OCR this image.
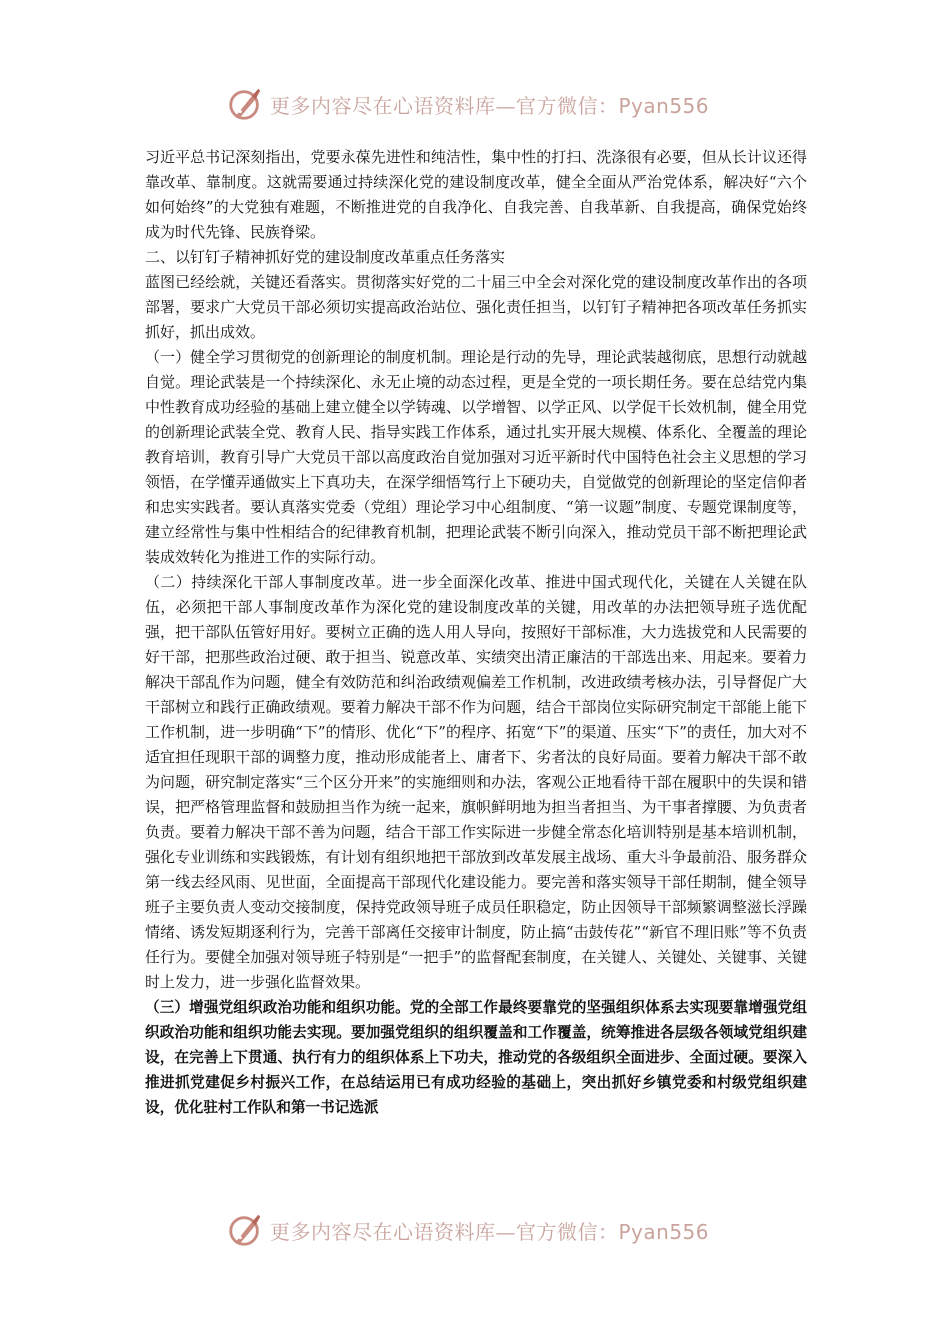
更多内容尽在心语资料库—官方微信：Pyan556

习近平总书记深刻指出，党要永葆先进性和纯洁性，集中性的打扫、洗涤很有必要，但从长计议还得靠改革、靠制度。这就需要通过持续深化党的建设制度改革，健全全面从严治党体系，解决好“六个如何始终”的大党独有难题，不断推进党的自我净化、自我完善、自我革新、自我提高，确保党始终成为时代先锋、民族脊梁。

二、以钉钉子精神抓好党的建设制度改革重点任务落实

蓝图已经绘就，关键还看落实。贯彻落实好党的二十届三中全会对深化党的建设制度改革作出的各项部署，要求广大党员干部必须切实提高政治站位、强化责任担当，以钉钉子精神把各项改革任务抓实抓好，抓出成效。

（一）健全学习贯彻党的创新理论的制度机制。理论是行动的先导，理论武装越彻底，思想行动就越自觉。理论武装是一个持续深化、永无止境的动态过程，更是全党的一项长期任务。要在总结党内集中性教育成功经验的基础上建立健全以学铸魂、以学增智、以学正风、以学促干长效机制，健全用党的创新理论武装全党、教育人民、指导实践工作体系，通过扎实开展大规模、体系化、全覆盖的理论教育培训，教育引导广大党员干部以高度政治自觉加强对习近平新时代中国特色社会主义思想的学习领悟，在学懂弄通做实上下真功夫，在深学细悟笃行上下硬功夫，自觉做党的创新理论的坚定信仰者和忠实实践者。要认真落实党委（党组）理论学习中心组制度、“第一议题”制度、专题党课制度等，建立经常性与集中性相结合的纪律教育机制，把理论武装不断引向深入，推动党员干部不断把理论武装成效转化为推进工作的实际行动。

（二）持续深化干部人事制度改革。进一步全面深化改革、推进中国式现代化，关键在人关键在队伍，必须把干部人事制度改革作为深化党的建设制度改革的关键，用改革的办法把领导班子选优配强，把干部队伍管好用好。要树立正确的选人用人导向，按照好干部标准，大力选拔党和人民需要的好干部，把那些政治过硬、敢于担当、锐意改革、实绩突出清正廉洁的干部选出来、用起来。要着力解决干部乱作为问题，健全有效防范和纠治政绩观偏差工作机制，改进政绩考核办法，引导督促广大干部树立和践行正确政绩观。要着力解决干部不作为问题，结合干部岗位实际研究制定干部能上能下工作机制，进一步明确“下”的情形、优化“下”的程序、拓宽“下”的渠道、压实“下”的责任，加大对不适宜担任现职干部的调整力度，推动形成能者上、庸者下、劣者汰的良好局面。要着力解决干部不敢为问题，研究制定落实“三个区分开来”的实施细则和办法，客观公正地看待干部在履职中的失误和错误，把严格管理监督和鼓励担当作为统一起来，旗帜鲜明地为担当者担当、为干事者撑腰、为负责者负责。要着力解决干部不善为问题，结合干部工作实际进一步健全常态化培训特别是基本培训机制，强化专业训练和实践锻炼，有计划有组织地把干部放到改革发展主战场、重大斗争最前沿、服务群众第一线去经风雨、见世面，全面提高干部现代化建设能力。要完善和落实领导干部任期制，健全领导班子主要负责人变动交接制度，保持党政领导班子成员任职稳定，防止因领导干部频繁调整滋长浮躁情绪、诱发短期逐利行为，完善干部离任交接审计制度，防止搞“击鼓传花”“新官不理旧账”等不负责任行为。要健全加强对领导班子特别是“一把手”的监督配套制度，在关键人、关键处、关键事、关键时上发力，进一步强化监督效果。

（三）增强党组织政治功能和组织功能。党的全部工作最终要靠党的坚强组织体系去实现要靠增强党组织政治功能和组织功能去实现。要加强党组织的组织覆盖和工作覆盖，统筹推进各层级各领域党组织建设，在完善上下贯通、执行有力的组织体系上下功夫，推动党的各级组织全面进步、全面过硬。要深入推进抓党建促乡村振兴工作，在总结运用已有成功经验的基础上，突出抓好乡镇党委和村级党组织建设，优化驻村工作队和第一书记选派

更多内容尽在心语资料库—官方微信：Pyan556
